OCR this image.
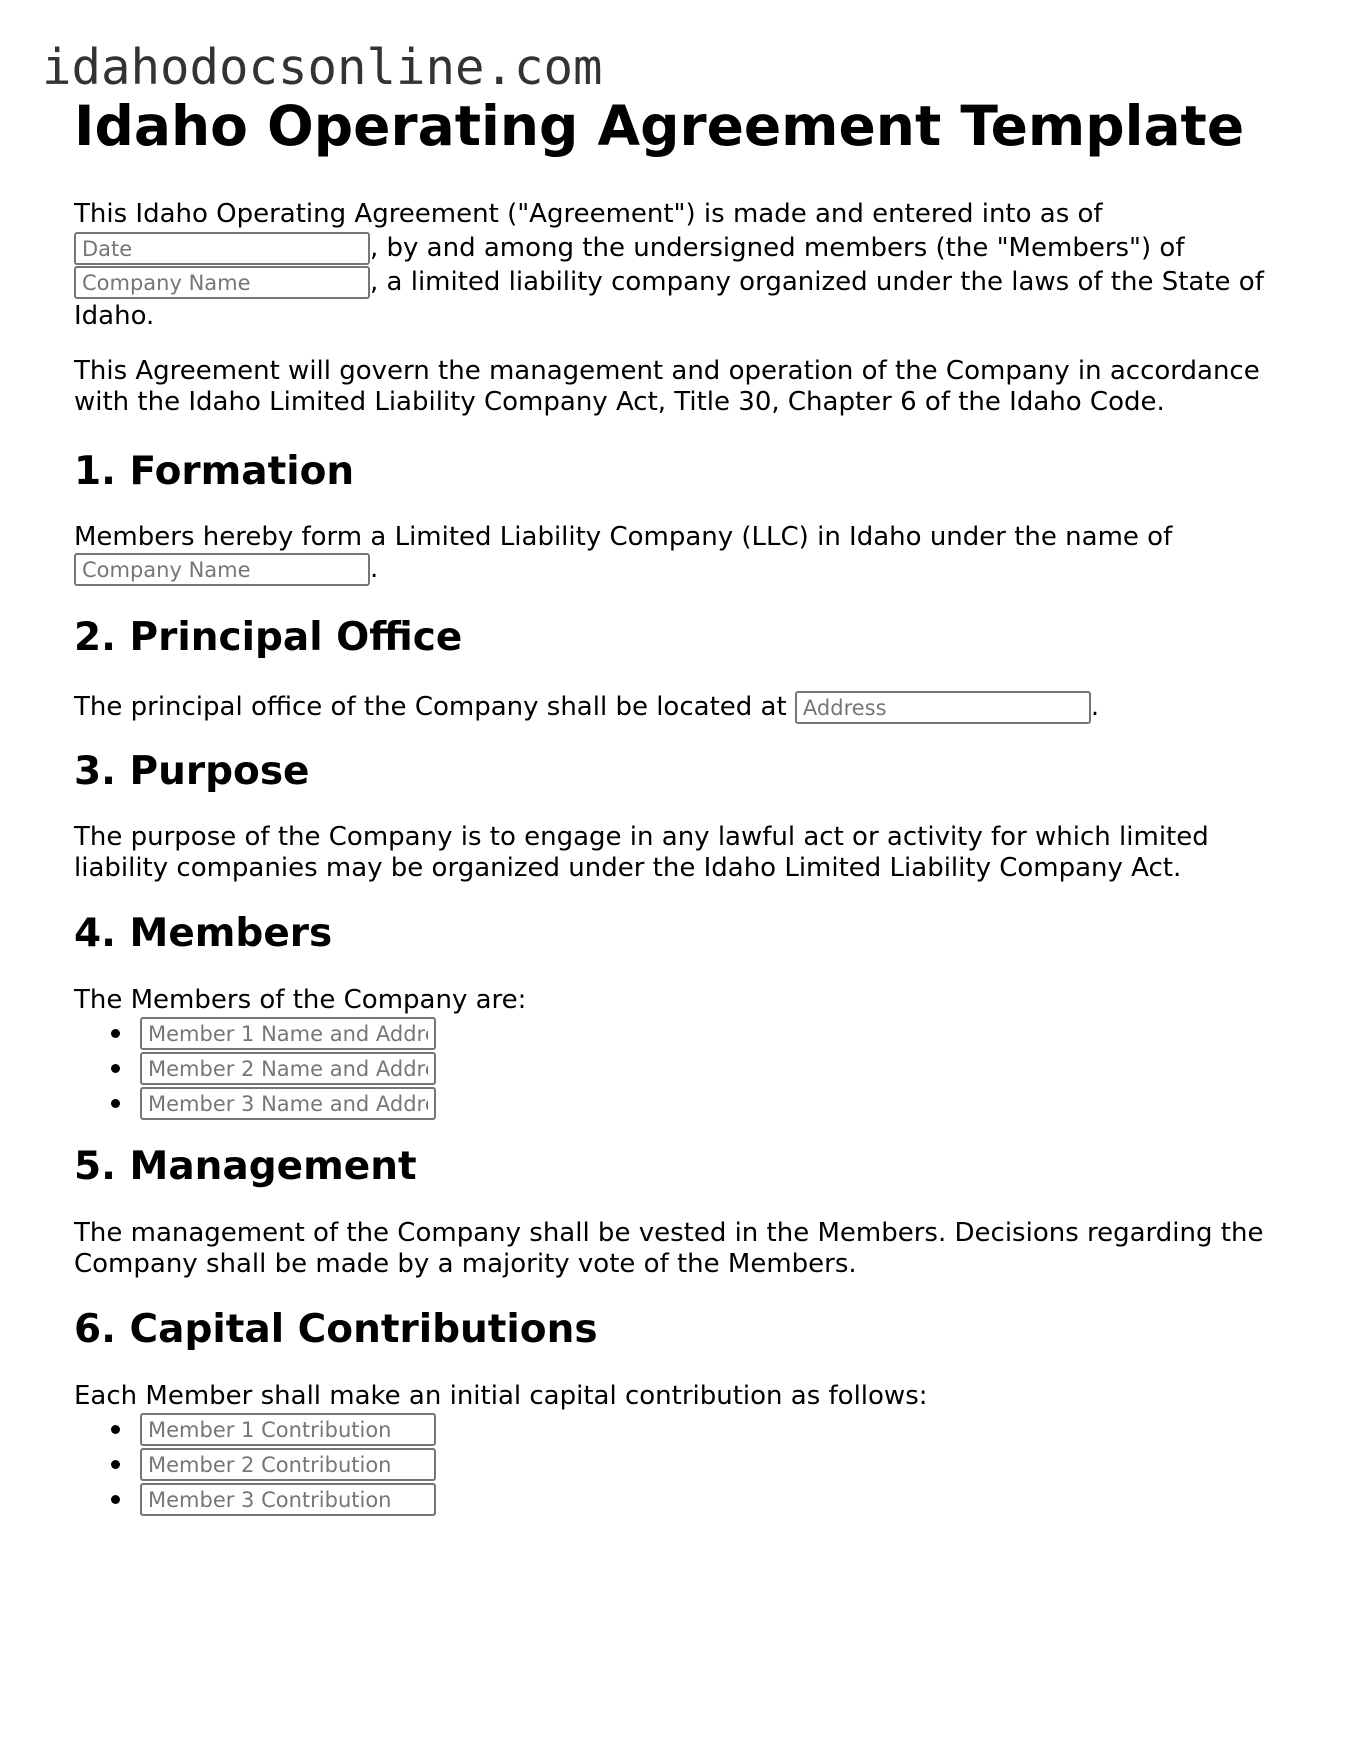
idahodocsonline.com
Idaho Operating Agreement Template

This Idaho Operating Agreement ("Agreement") is made and entered into as of
Date, by and among the undersigned members (the "Members") of
Company Name, a limited liability company organized under the laws of the State of Idaho.

This Agreement will govern the management and operation of the Company in accordance with the Idaho Limited Liability Company Act, Title 30, Chapter 6 of the Idaho Code.

1. Formation

Members hereby form a Limited Liability Company (LLC) in Idaho under the name of
Company Name.

2. Principal Office

The principal office of the Company shall be located at Address	.

3. Purpose

The purpose of the Company is to engage in any lawful act or activity for which limited liability companies may be organized under the Idaho Limited Liability Company Act.

4. Members

The Members of the Company are:

Member 1 Name and Address
Member 2 Name and Address
Member 3 Name and Address
5. Management

The management of the Company shall be vested in the Members. Decisions regarding the Company shall be made by a majority vote of the Members.

6. Capital Contributions

Each Member shall make an initial capital contribution as follows:

Member 1 Contribution
Member 2 Contribution
Member 3 Contribution
